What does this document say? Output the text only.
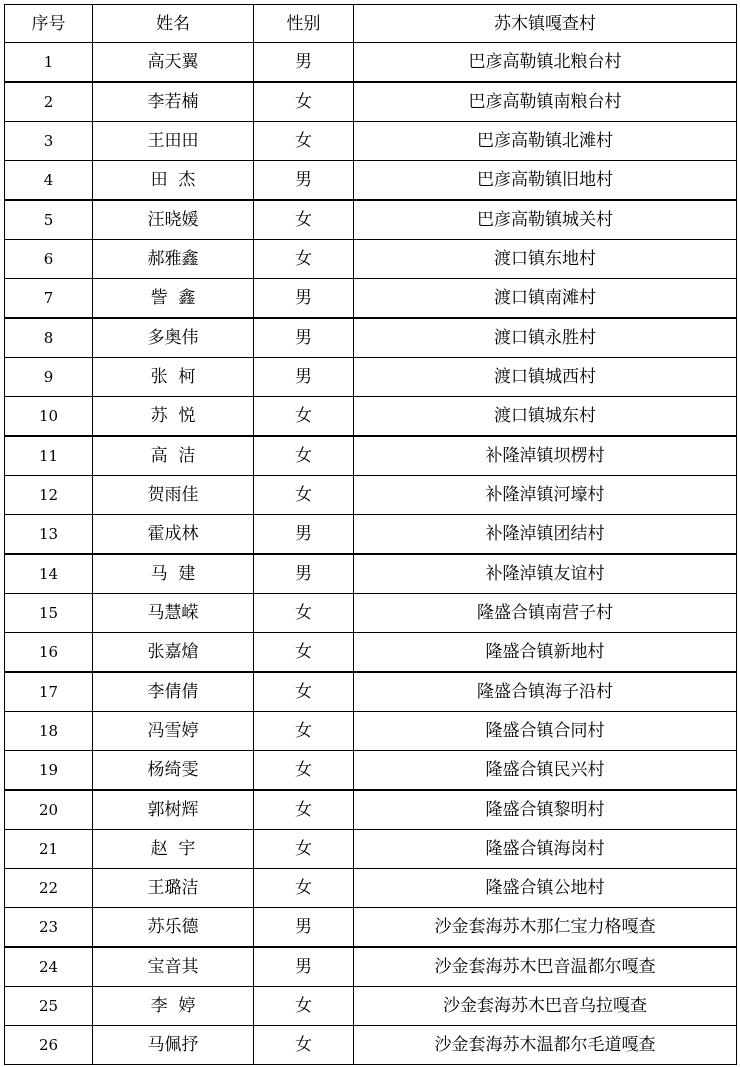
序号	姓名	性别	苏木镇嘎查村
1	高天翼	男	巴彦高勒镇北粮台村
2	李若楠	女	巴彦高勒镇南粮台村
3	王田田	女	巴彦高勒镇北滩村
4	田  杰	男	巴彦高勒镇旧地村
5	汪晓媛	女	巴彦高勒镇城关村
6	郝雅鑫	女	渡口镇东地村
7	訾  鑫	男	渡口镇南滩村
8	多奥伟	男	渡口镇永胜村
9	张  柯	男	渡口镇城西村
10	苏  悦	女	渡口镇城东村
11	高  洁	女	补隆淖镇坝楞村
12	贺雨佳	女	补隆淖镇河壕村
13	霍成林	男	补隆淖镇团结村
14	马  建	男	补隆淖镇友谊村
15	马慧嵘	女	隆盛合镇南营子村
16	张嘉熗	女	隆盛合镇新地村
17	李倩倩	女	隆盛合镇海子沿村
18	冯雪婷	女	隆盛合镇合同村
19	杨绮雯	女	隆盛合镇民兴村
20	郭树辉	女	隆盛合镇黎明村
21	赵  宇	女	隆盛合镇海岗村
22	王璐洁	女	隆盛合镇公地村
23	苏乐德	男	沙金套海苏木那仁宝力格嘎查
24	宝音其	男	沙金套海苏木巴音温都尔嘎查
25	李  婷	女	沙金套海苏木巴音乌拉嘎查
26	马佩抒	女	沙金套海苏木温都尔毛道嘎查
